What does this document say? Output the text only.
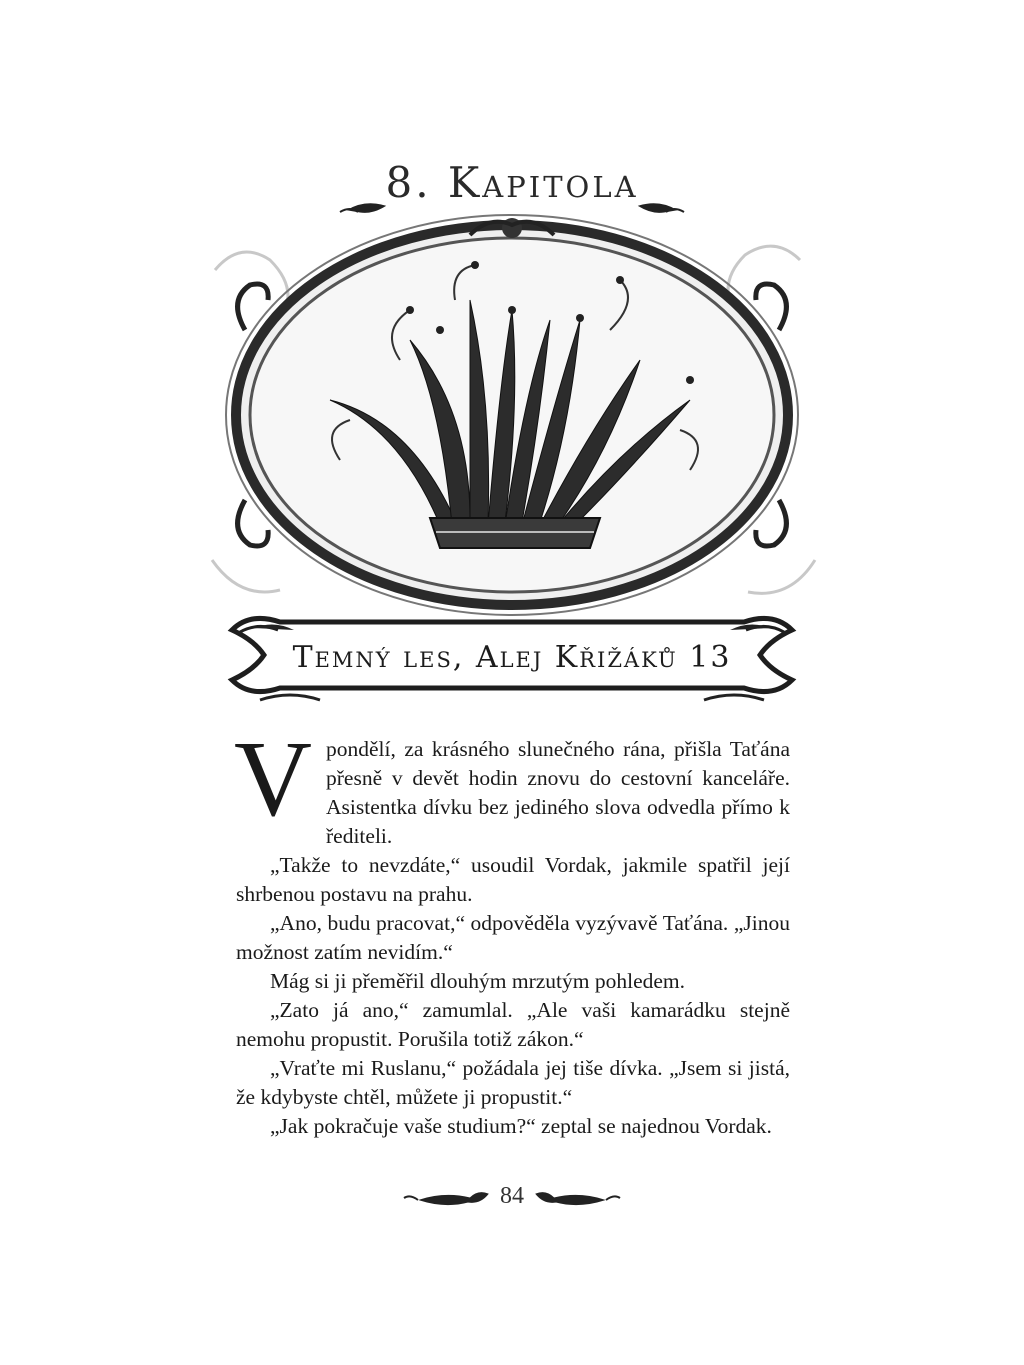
8. Kapitola
Temný les, Alej Křižáků 13

V pondělí, za krásného slunečného rána, přišla Taťána přesně v devět hodin znovu do cestovní kanceláře. Asistentka dívku bez jediného slova odvedla přímo k řediteli.

„Takže to nevzdáte,“ usoudil Vordak, jakmile spatřil její shrbenou postavu na prahu.

„Ano, budu pracovat,“ odpověděla vyzývavě Taťána. „Jinou možnost zatím nevidím.“

Mág si ji přeměřil dlouhým mrzutým pohledem.

„Zato já ano,“ zamumlal. „Ale vaši kamarádku stejně nemohu propustit. Porušila totiž zákon.“

„Vraťte mi Ruslanu,“ požádala jej tiše dívka. „Jsem si jistá, že kdybyste chtěl, můžete ji propustit.“

„Jak pokračuje vaše studium?“ zeptal se najednou Vordak.

84
